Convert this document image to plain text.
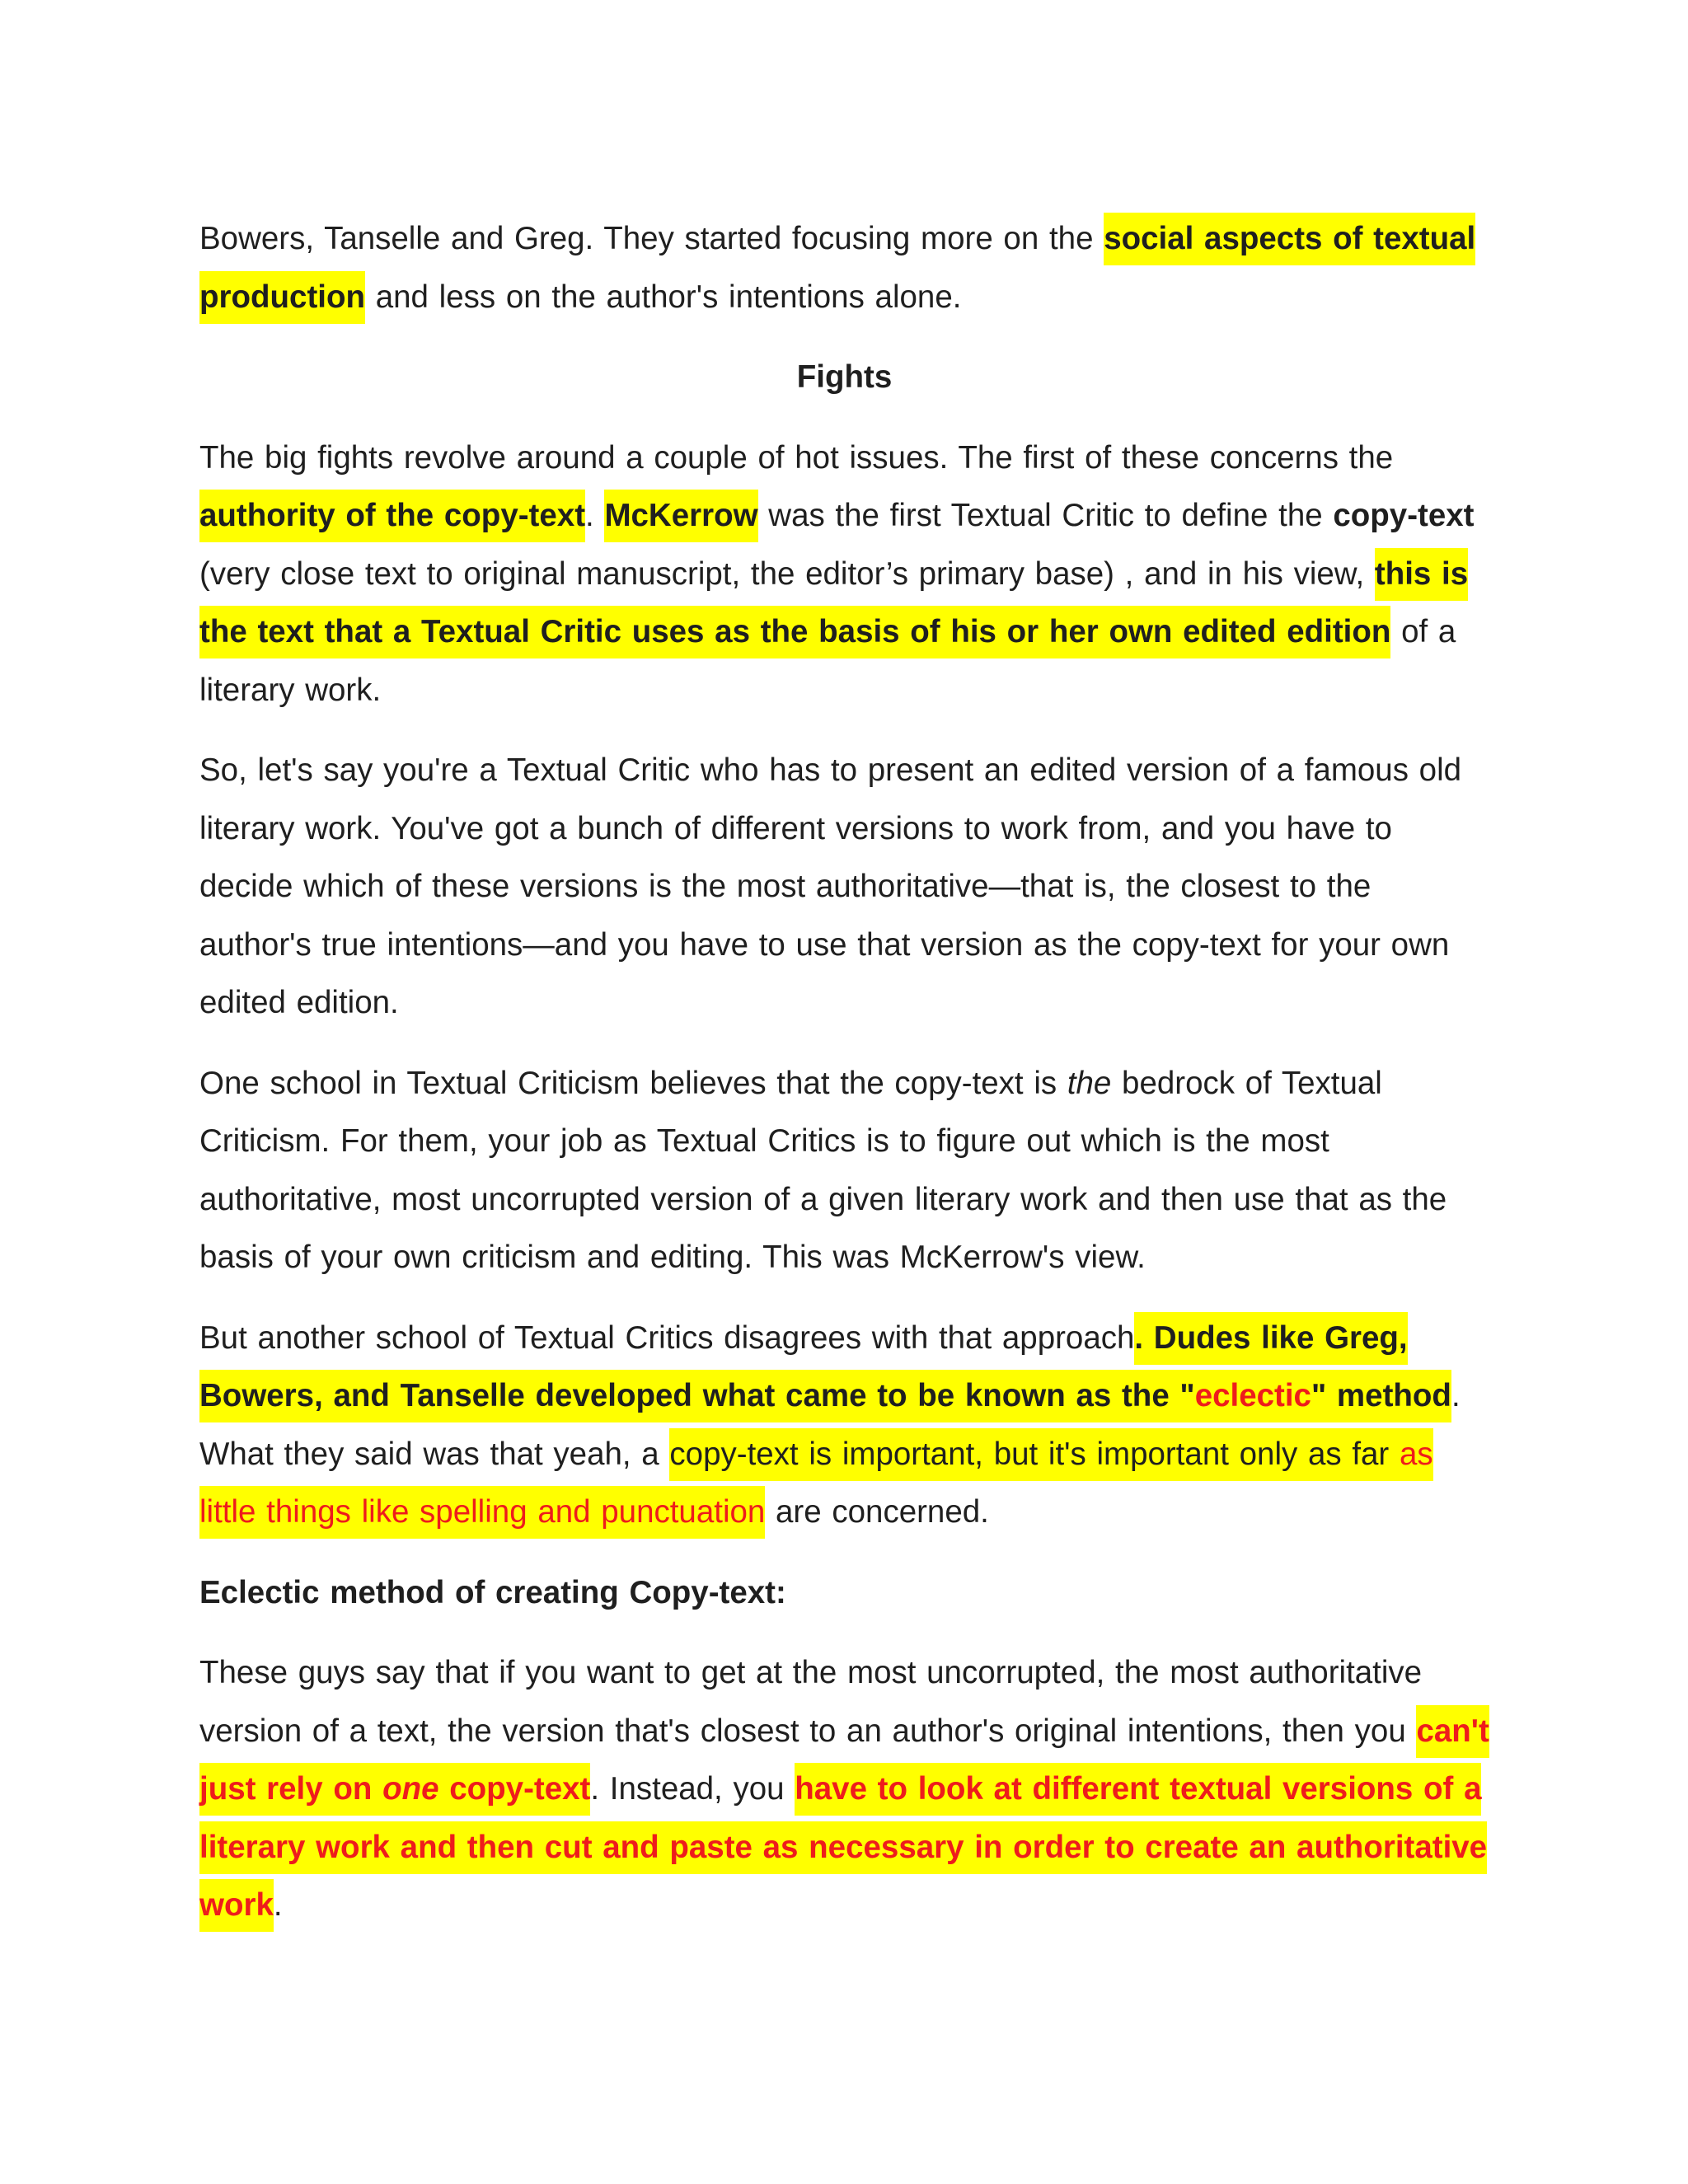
Bowers, Tanselle and Greg. They started focusing more on the social aspects of textual production and less on the author's intentions alone.

Fights

The big fights revolve around a couple of hot issues. The first of these concerns the authority of the copy-text. McKerrow was the first Textual Critic to define the copy-text (very close text to original manuscript, the editor’s primary base) , and in his view, this is the text that a Textual Critic uses as the basis of his or her own edited edition of a literary work.

So, let's say you're a Textual Critic who has to present an edited version of a famous old literary work. You've got a bunch of different versions to work from, and you have to decide which of these versions is the most authoritative—that is, the closest to the author's true intentions—and you have to use that version as the copy-text for your own edited edition.

One school in Textual Criticism believes that the copy-text is the bedrock of Textual Criticism. For them, your job as Textual Critics is to figure out which is the most authoritative, most uncorrupted version of a given literary work and then use that as the basis of your own criticism and editing. This was McKerrow's view.

But another school of Textual Critics disagrees with that approach. Dudes like Greg, Bowers, and Tanselle developed what came to be known as the "eclectic" method. What they said was that yeah, a copy-text is important, but it's important only as far as little things like spelling and punctuation are concerned.

Eclectic method of creating Copy-text:

These guys say that if you want to get at the most uncorrupted, the most authoritative version of a text, the version that's closest to an author's original intentions, then you can't just rely on one copy-text. Instead, you have to look at different textual versions of a literary work and then cut and paste as necessary in order to create an authoritative work.
